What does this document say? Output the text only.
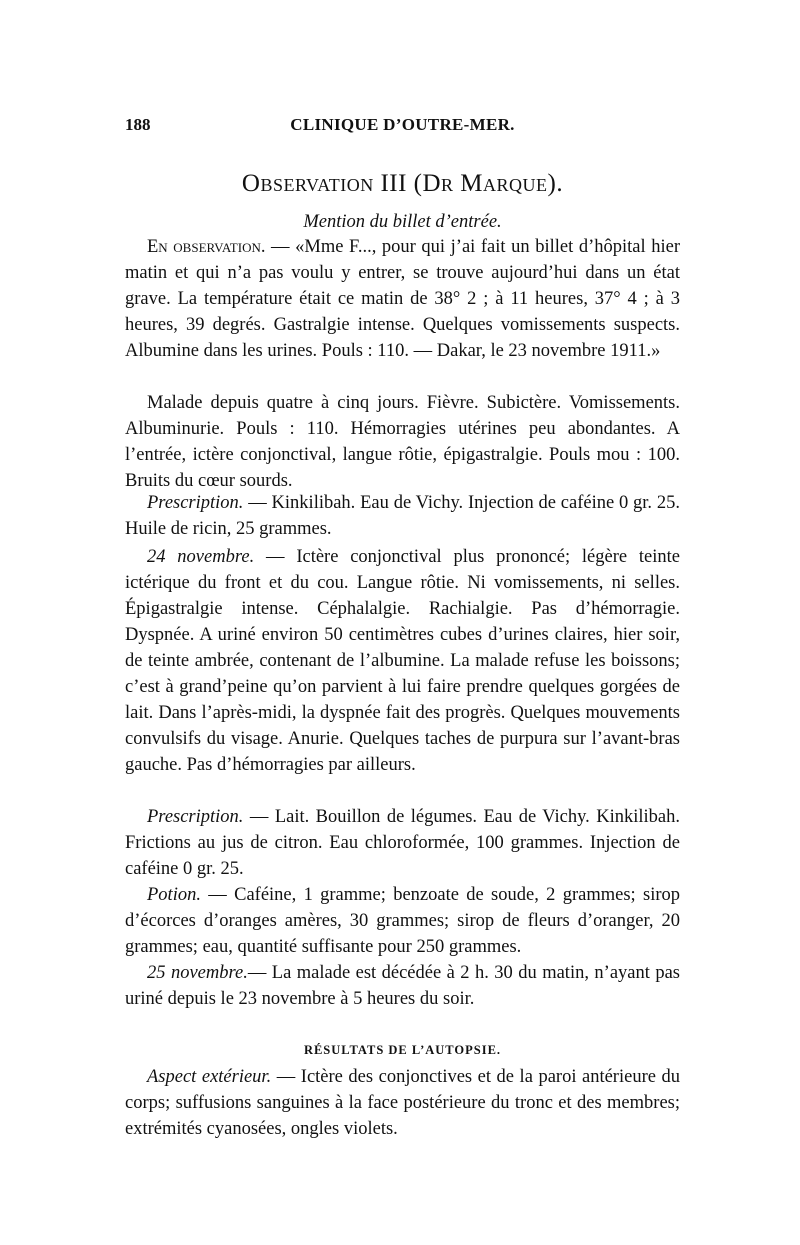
188	CLINIQUE D’OUTRE-MER.
Observation III (Dr Marque).
Mention du billet d’entrée.

En observation. — «Mme F..., pour qui j’ai fait un billet d’hôpital hier matin et qui n’a pas voulu y entrer, se trouve aujourd’hui dans un état grave. La température était ce matin de 38° 2 ; à 11 heures, 37° 4 ; à 3 heures, 39 degrés. Gastralgie intense. Quelques vomissements suspects. Albumine dans les urines. Pouls : 110. — Dakar, le 23 novembre 1911.»

Malade depuis quatre à cinq jours. Fièvre. Subictère. Vomissements. Albuminurie. Pouls : 110. Hémorragies utérines peu abondantes. A l’entrée, ictère conjonctival, langue rôtie, épigastralgie. Pouls mou : 100. Bruits du cœur sourds.

Prescription. — Kinkilibah. Eau de Vichy. Injection de caféine 0 gr. 25. Huile de ricin, 25 grammes.

24 novembre. — Ictère conjonctival plus prononcé; légère teinte ictérique du front et du cou. Langue rôtie. Ni vomissements, ni selles. Épigastralgie intense. Céphalalgie. Rachialgie. Pas d’hémorragie. Dyspnée. A uriné environ 50 centimètres cubes d’urines claires, hier soir, de teinte ambrée, contenant de l’albumine. La malade refuse les boissons; c’est à grand’peine qu’on parvient à lui faire prendre quelques gorgées de lait. Dans l’après-midi, la dyspnée fait des progrès. Quelques mouvements convulsifs du visage. Anurie. Quelques taches de purpura sur l’avant-bras gauche. Pas d’hémorragies par ailleurs.

Prescription. — Lait. Bouillon de légumes. Eau de Vichy. Kinkilibah. Frictions au jus de citron. Eau chloroformée, 100 grammes. Injection de caféine 0 gr. 25.

Potion. — Caféine, 1 gramme; benzoate de soude, 2 grammes; sirop d’écorces d’oranges amères, 30 grammes; sirop de fleurs d’oranger, 20 grammes; eau, quantité suffisante pour 250 grammes.

25 novembre.— La malade est décédée à 2 h. 30 du matin, n’ayant pas uriné depuis le 23 novembre à 5 heures du soir.

RÉSULTATS DE L’AUTOPSIE.

Aspect extérieur. — Ictère des conjonctives et de la paroi antérieure du corps; suffusions sanguines à la face postérieure du tronc et des membres; extrémités cyanosées, ongles violets.
